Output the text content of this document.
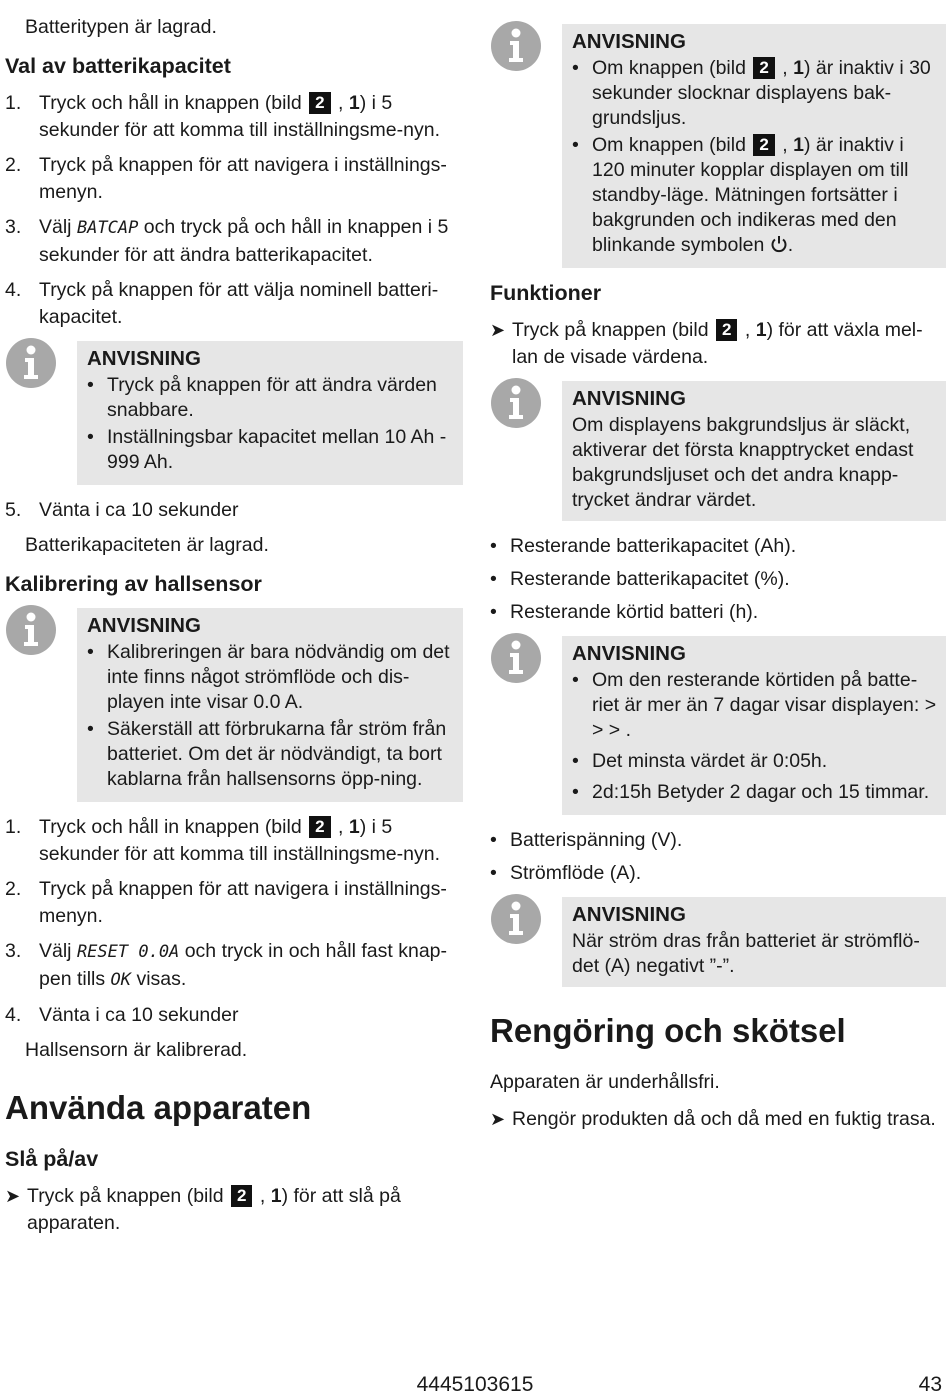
Batteritypen är lagrad.

Val av batterikapacitet
1. Tryck och håll in knappen (bild 2 , 1) i 5 sekunder för att komma till inställningsme-nyn.
2. Tryck på knappen för att navigera i inställnings-menyn.
3. Välj BATCAP och tryck på och håll in knappen i 5 sekunder för att ändra batterikapacitet.
4. Tryck på knappen för att välja nominell batteri-kapacitet.
ANVISNING
• Tryck på knappen för att ändra värden snabbare.
• Inställningsbar kapacitet mellan 10 Ah - 999 Ah.
5. Vänta i ca 10 sekunder

Batterikapaciteten är lagrad.

Kalibrering av hallsensor
ANVISNING
• Kalibreringen är bara nödvändig om det inte finns något strömflöde och dis-playen inte visar 0.0 A.
• Säkerställ att förbrukarna får ström från batteriet. Om det är nödvändigt, ta bort kablarna från hallsensorns öpp-ning.
1. Tryck och håll in knappen (bild 2 , 1) i 5 sekunder för att komma till inställningsme-nyn.
2. Tryck på knappen för att navigera i inställnings-menyn.
3. Välj RESET 0.0A och tryck in och håll fast knap-pen tills OK visas.
4. Vänta i ca 10 sekunder

Hallsensorn är kalibrerad.

Använda apparaten
Slå på/av
➤ Tryck på knappen (bild 2 , 1) för att slå på apparaten.
ANVISNING
• Om knappen (bild 2 , 1) är inaktiv i 30 sekunder slocknar displayens bak-grundsljus.
• Om knappen (bild 2 , 1) är inaktiv i 120 minuter kopplar displayen om till standby-läge. Mätningen fortsätter i bakgrunden och indikeras med den blinkande symbolen .
Funktioner
➤ Tryck på knappen (bild 2 , 1) för att växla mel-lan de visade värdena.
ANVISNING

Om displayens bakgrundsljus är släckt, aktiverar det första knapptrycket endast bakgrundsljuset och det andra knapp-trycket ändrar värdet.

• Resterande batterikapacitet (Ah).
• Resterande batterikapacitet (%).
• Resterande körtid batteri (h).
ANVISNING
• Om den resterande körtiden på batte-riet är mer än 7 dagar visar displayen: > > > .
• Det minsta värdet är 0:05h.
• 2d:15h Betyder 2 dagar och 15 timmar.
• Batterispänning (V).
• Strömflöde (A).
ANVISNING

När ström dras från batteriet är strömflö-det (A) negativt ”-”.

Rengöring och skötsel

Apparaten är underhållsfri.

➤ Rengör produkten då och då med en fuktig trasa.
4445103615	43
